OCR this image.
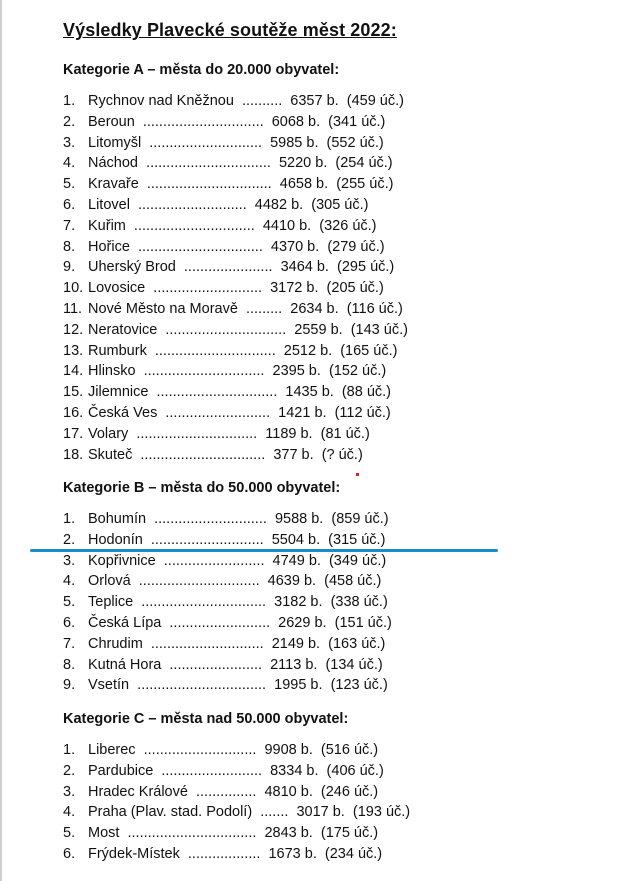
Výsledky Plavecké soutěže měst 2022:
Kategorie A – města do 20.000 obyvatel:
1. Rychnov nad Kněžnou  ..........  6357 b.  (459 úč.)
2. Beroun  ..............................  6068 b.  (341 úč.)
3. Litomyšl  ............................  5985 b.  (552 úč.)
4. Náchod  ...............................  5220 b.  (254 úč.)
5. Kravaře  ...............................  4658 b.  (255 úč.)
6. Litovel  ...........................  4482 b.  (305 úč.)
7. Kuřim  ..............................  4410 b.  (326 úč.)
8. Hořice  ...............................  4370 b.  (279 úč.)
9. Uherský Brod  ......................  3464 b.  (295 úč.)
10. Lovosice  ...........................  3172 b.  (205 úč.)
11. Nové Město na Moravě  .........  2634 b.  (116 úč.)
12. Neratovice  ..............................  2559 b.  (143 úč.)
13. Rumburk  ..............................  2512 b.  (165 úč.)
14. Hlinsko  ..............................  2395 b.  (152 úč.)
15. Jilemnice  ..............................  1435 b.  (88 úč.)
16. Česká Ves  ..........................  1421 b.  (112 úč.)
17. Volary  ..............................  1189 b.  (81 úč.)
18. Skuteč  ...............................  377 b.  (? úč.)
Kategorie B – města do 50.000 obyvatel:
1. Bohumín  ............................  9588 b.  (859 úč.)
2. Hodonín  ............................  5504 b.  (315 úč.)
3. Kopřivnice  .........................  4749 b.  (349 úč.)
4. Orlová  ..............................  4639 b.  (458 úč.)
5. Teplice  ...............................  3182 b.  (338 úč.)
6. Česká Lípa  .........................  2629 b.  (151 úč.)
7. Chrudim  ............................  2149 b.  (163 úč.)
8. Kutná Hora  .......................  2113 b.  (134 úč.)
9. Vsetín  ................................  1995 b.  (123 úč.)
Kategorie C – města nad 50.000 obyvatel:
1. Liberec  ............................  9908 b.  (516 úč.)
2. Pardubice  .........................  8334 b.  (406 úč.)
3. Hradec Králové  ...............  4810 b.  (246 úč.)
4. Praha (Plav. stad. Podolí)  .......  3017 b.  (193 úč.)
5. Most  ................................  2843 b.  (175 úč.)
6. Frýdek-Místek  ..................  1673 b.  (234 úč.)
